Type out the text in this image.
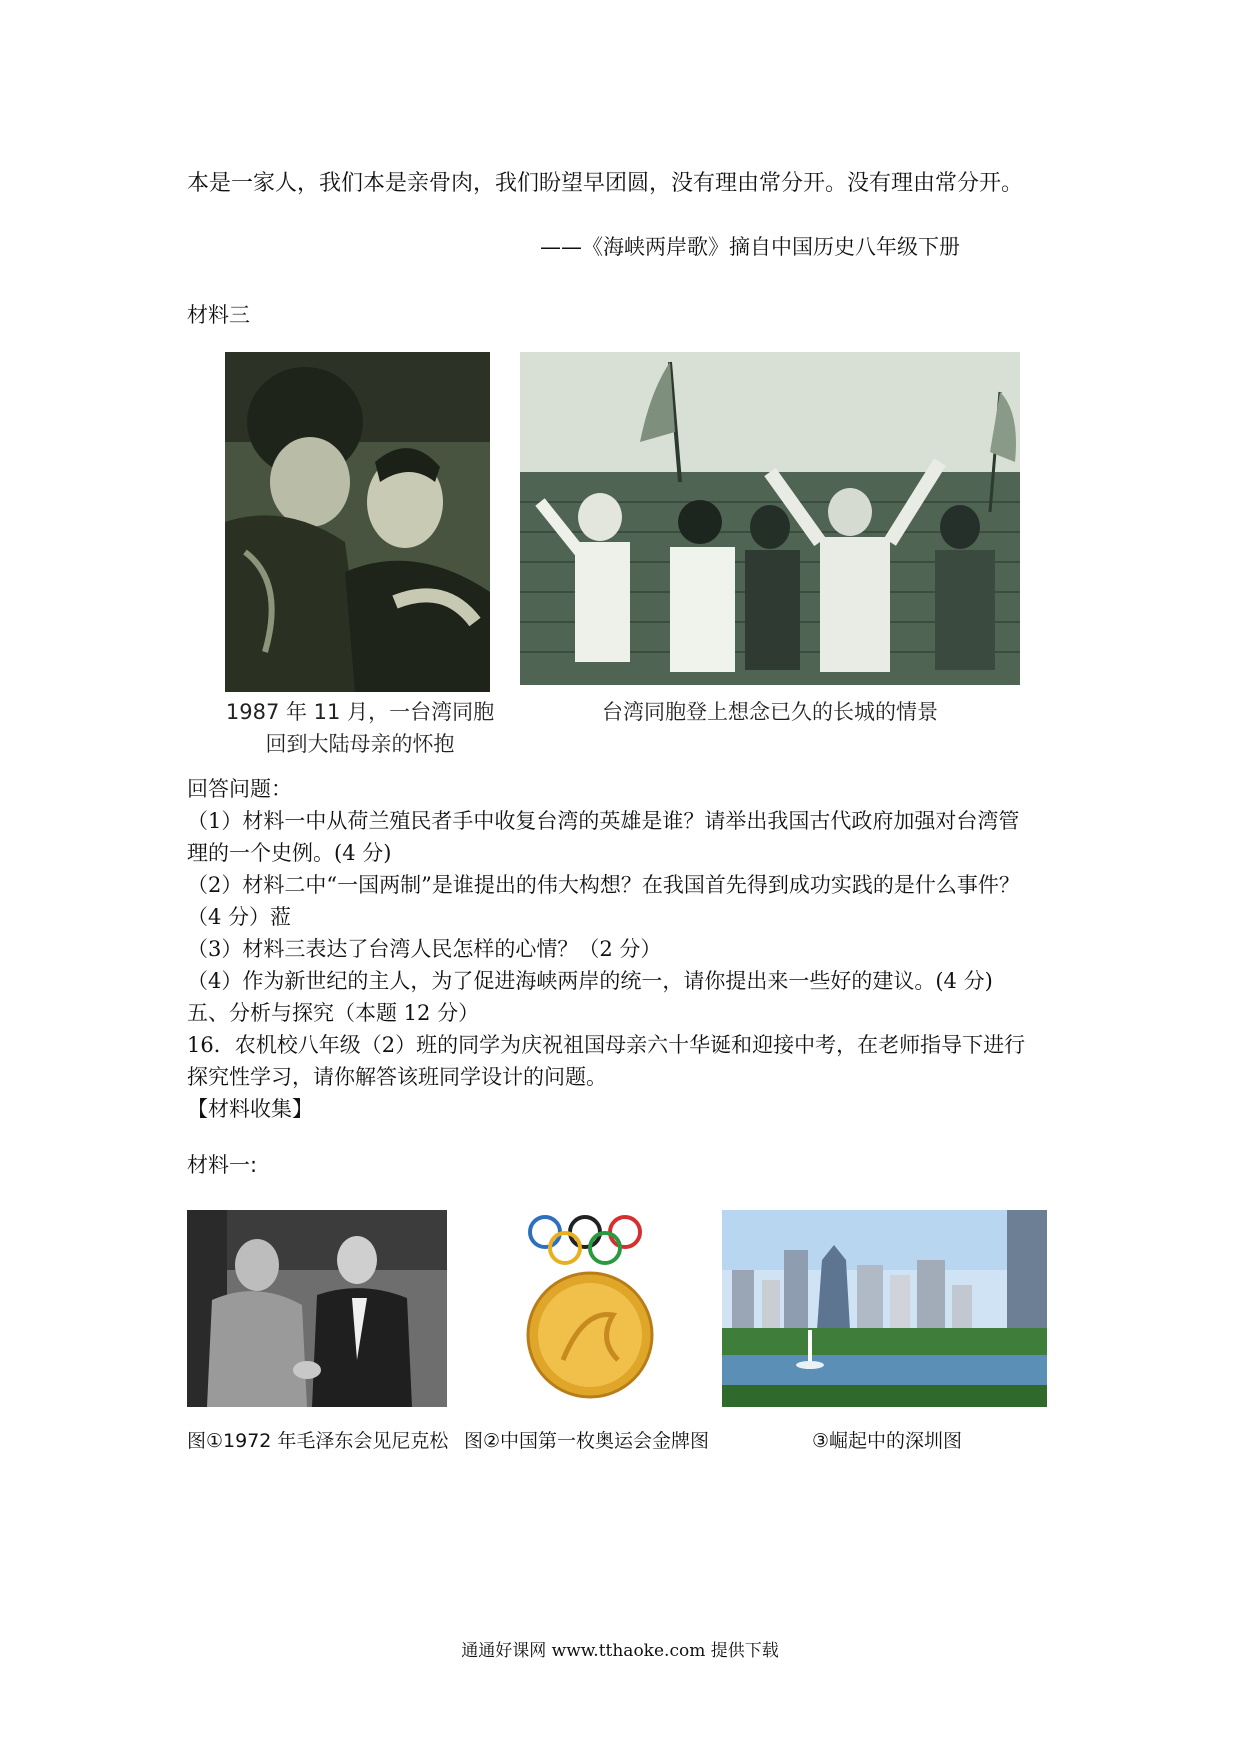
本是一家人，我们本是亲骨肉，我们盼望早团圆，没有理由常分开。没有理由常分开。
——《海峡两岸歌》摘自中国历史八年级下册
材料三
1987 年 11 月，一台湾同胞
回到大陆母亲的怀抱
台湾同胞登上想念已久的长城的情景
回答问题：
（1）材料一中从荷兰殖民者手中收复台湾的英雄是谁？请举出我国古代政府加强对台湾管
理的一个史例。(4 分)
（2）材料二中“一国两制”是谁提出的伟大构想？在我国首先得到成功实践的是什么事件？
（4 分）蒞
（3）材料三表达了台湾人民怎样的心情？（2 分）
（4）作为新世纪的主人，为了促进海峡两岸的统一，请你提出来一些好的建议。(4 分)
五、分析与探究（本题 12 分）
16．农机校八年级（2）班的同学为庆祝祖国母亲六十华诞和迎接中考，在老师指导下进行
探究性学习，请你解答该班同学设计的问题。
【材料收集】
材料一:
图①1972 年毛泽东会见尼克松 图②中国第一枚奥运会金牌图	③崛起中的深圳图
通通好课网 www.tthaoke.com 提供下载
